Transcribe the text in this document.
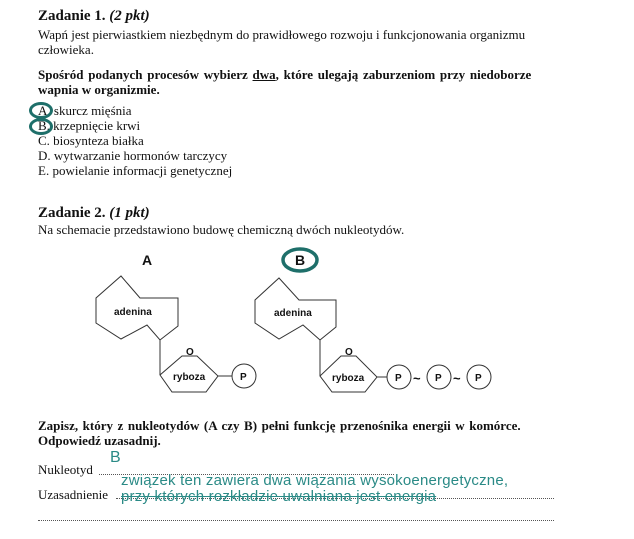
Zadanie 1. (2 pkt)
Wapń jest pierwiastkiem niezbędnym do prawidłowego rozwoju i funkcjonowania organizmu
człowieka.
Spośród podanych procesów wybierz dwa, które ulegają zaburzeniom przy niedoborze
wapnia w organizmie.
A. skurcz mięśnia
B. krzepnięcie krwi
C. biosynteza białka
D. wytwarzanie hormonów tarczycy
E. powielanie informacji genetycznej
Zadanie 2. (1 pkt)
Na schemacie przedstawiono budowę chemiczną dwóch nukleotydów.
A
adenina
O
ryboza	P
B
adenina
O
ryboza	P ~ P ~ P
Zapisz, który z nukleotydów (A czy B) pełni funkcję przenośnika energii w komórce.
Odpowiedź uzasadnij.
Nukleotyd
B
Uzasadnienie
związek ten zawiera dwa wiązania wysokoenergetyczne,
przy których rozkładzie uwalniana jest energia
